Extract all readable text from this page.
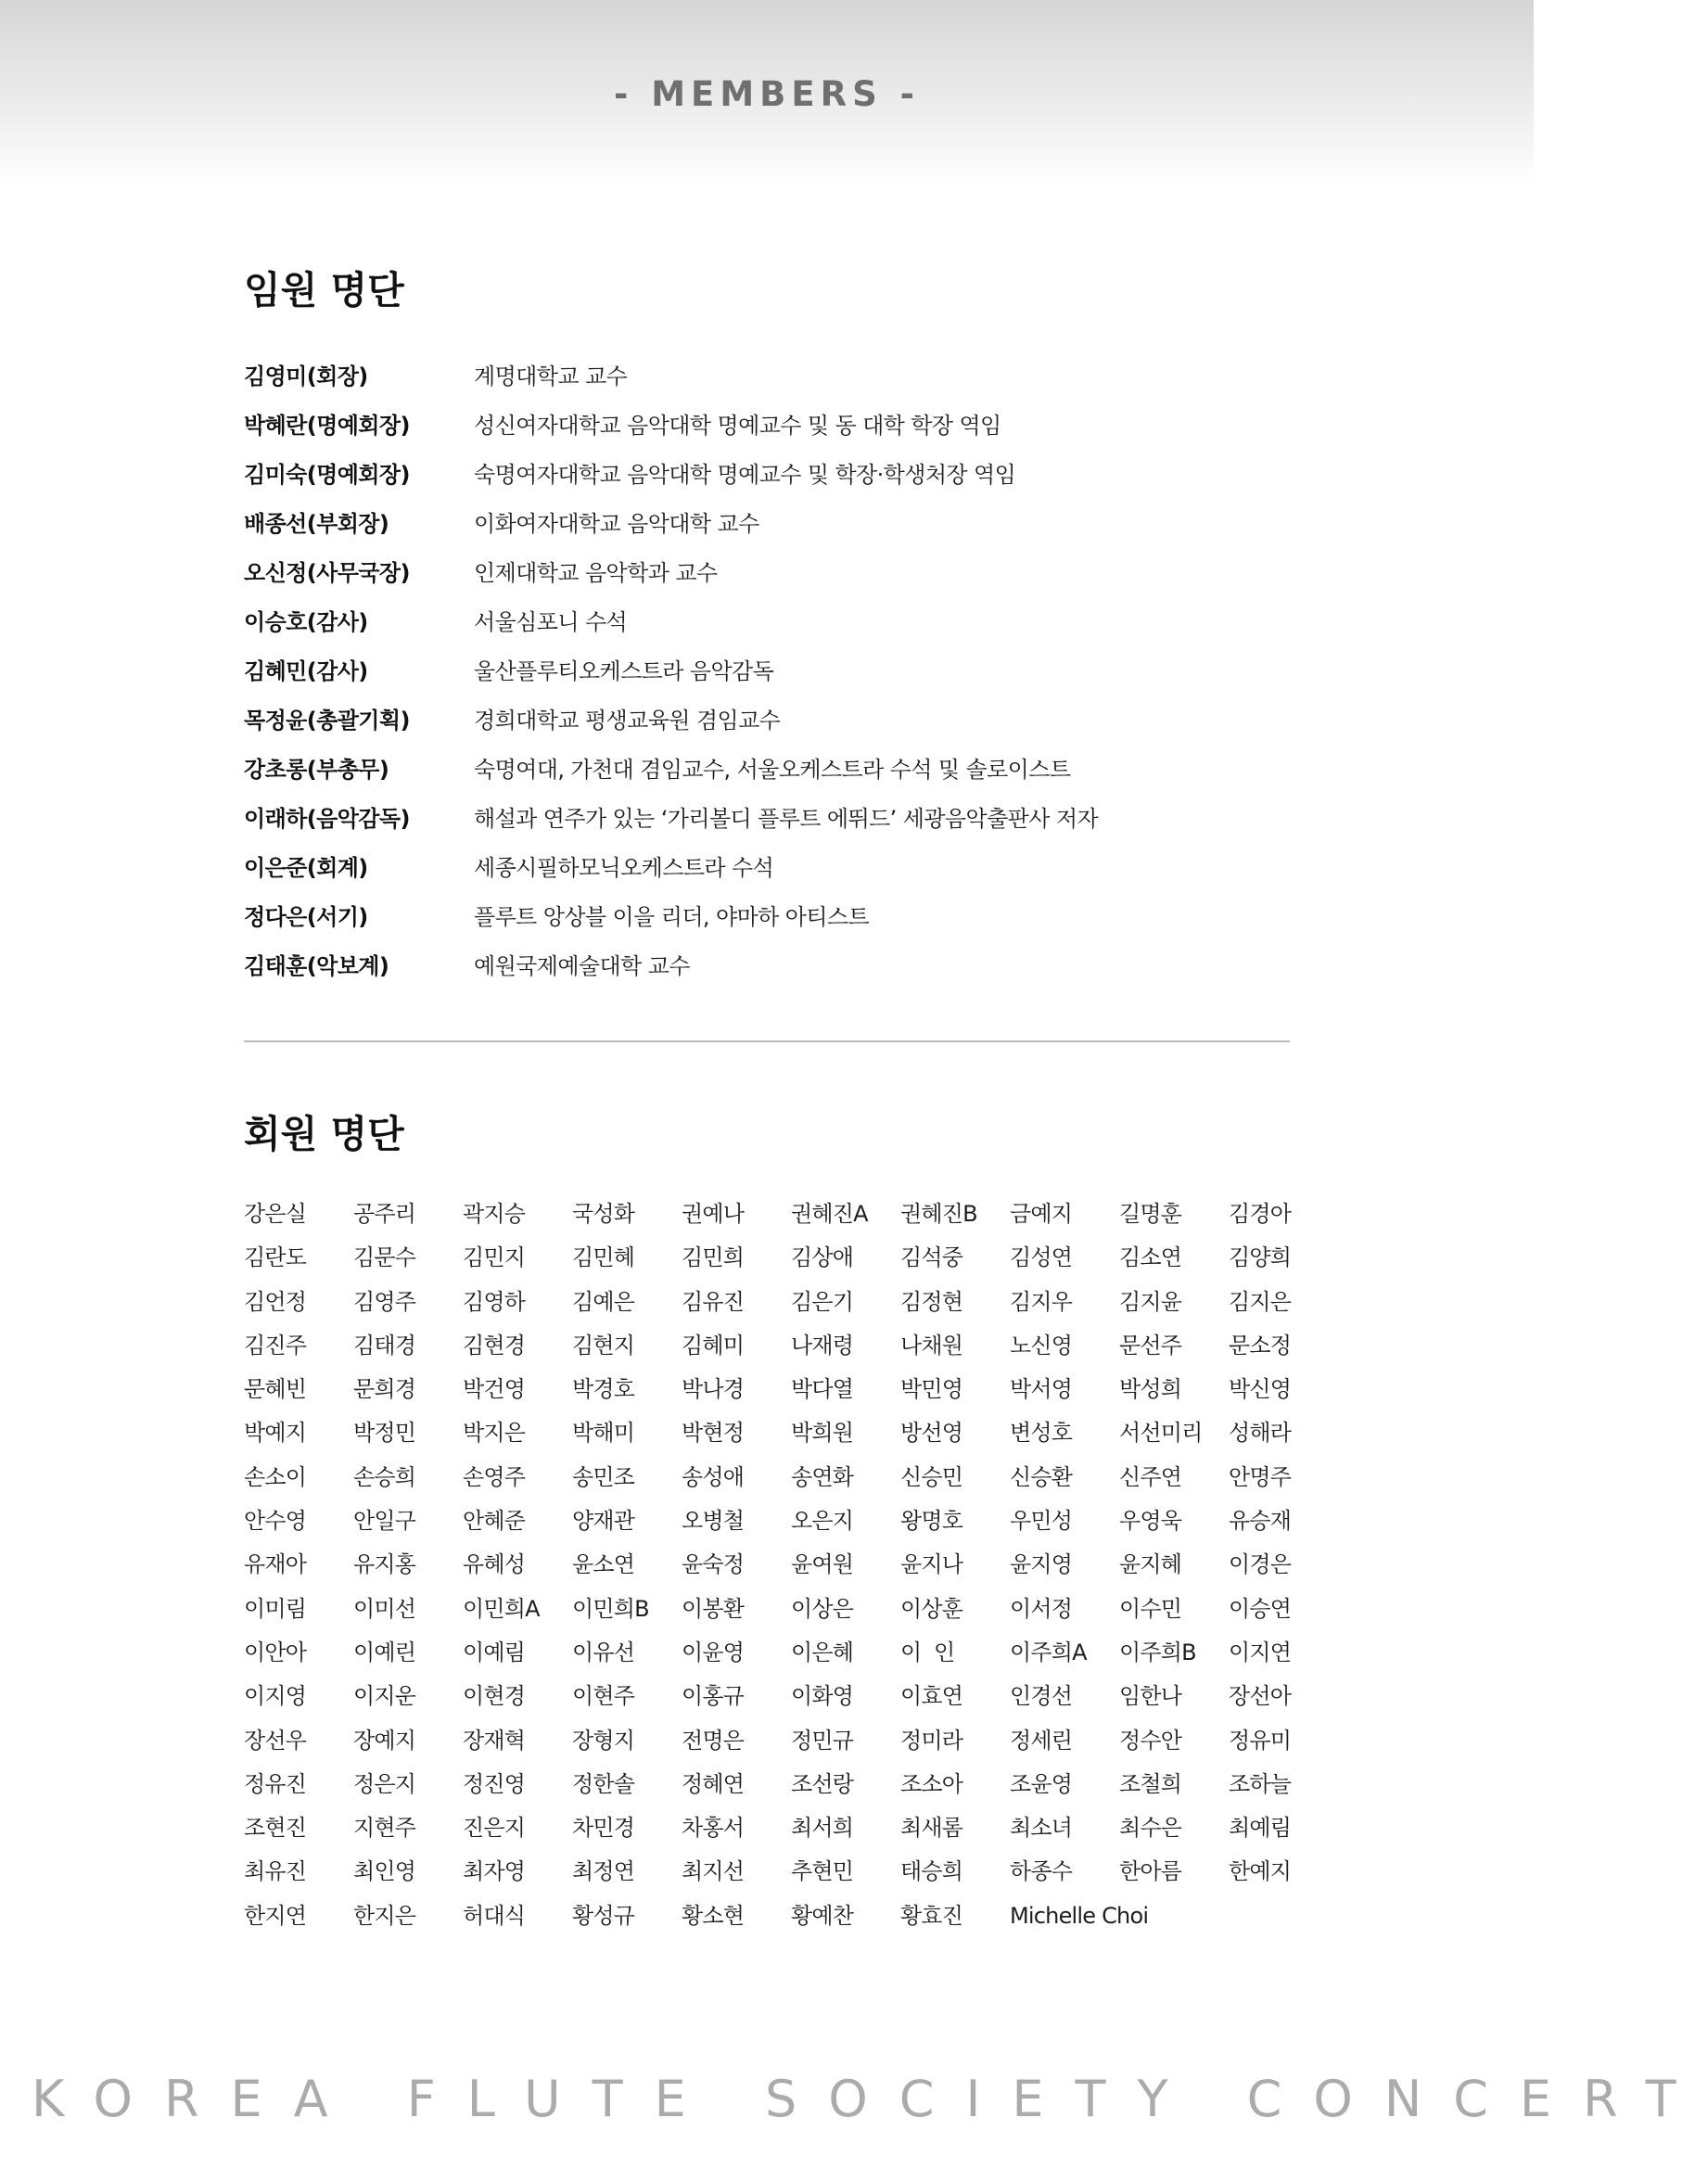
- MEMBERS -
임원 명단
김영미(회장)	계명대학교 교수
박혜란(명예회장)	성신여자대학교 음악대학 명예교수 및 동 대학 학장 역임
김미숙(명예회장)	숙명여자대학교 음악대학 명예교수 및 학장·학생처장 역임
배종선(부회장)	이화여자대학교 음악대학 교수
오신정(사무국장)	인제대학교 음악학과 교수
이승호(감사)	서울심포니 수석
김혜민(감사)	울산플루티오케스트라 음악감독
목정윤(총괄기획)	경희대학교 평생교육원 겸임교수
강초롱(부총무)	숙명여대, 가천대 겸임교수, 서울오케스트라 수석 및 솔로이스트
이래하(음악감독)	해설과 연주가 있는 ‘가리볼디 플루트 에뛰드’ 세광음악출판사 저자
이은준(회계)	세종시필하모닉오케스트라 수석
정다은(서기)	플루트 앙상블 이을 리더, 야마하 아티스트
김태훈(악보계)	예원국제예술대학 교수
회원 명단
강은실	공주리	곽지승	국성화	권예나	권혜진A	권혜진B	금예지	길명훈	김경아
김란도	김문수	김민지	김민혜	김민희	김상애	김석중	김성연	김소연	김양희
김언정	김영주	김영하	김예은	김유진	김은기	김정현	김지우	김지윤	김지은
김진주	김태경	김현경	김현지	김혜미	나재령	나채원	노신영	문선주	문소정
문혜빈	문희경	박건영	박경호	박나경	박다열	박민영	박서영	박성희	박신영
박예지	박정민	박지은	박해미	박현정	박희원	방선영	변성호	서선미리	성해라
손소이	손승희	손영주	송민조	송성애	송연화	신승민	신승환	신주연	안명주
안수영	안일구	안혜준	양재관	오병철	오은지	왕명호	우민성	우영욱	유승재
유재아	유지홍	유혜성	윤소연	윤숙정	윤여원	윤지나	윤지영	윤지혜	이경은
이미림	이미선	이민희A	이민희B	이봉환	이상은	이상훈	이서정	이수민	이승연
이안아	이예린	이예림	이유선	이윤영	이은혜	이  인	이주희A	이주희B	이지연
이지영	이지운	이현경	이현주	이홍규	이화영	이효연	인경선	임한나	장선아
장선우	장예지	장재혁	장형지	전명은	정민규	정미라	정세린	정수안	정유미
정유진	정은지	정진영	정한솔	정혜연	조선랑	조소아	조윤영	조철희	조하늘
조현진	지현주	진은지	차민경	차홍서	최서희	최새롬	최소녀	최수은	최예림
최유진	최인영	최자영	최정연	최지선	추현민	태승희	하종수	한아름	한예지
한지연	한지은	허대식	황성규	황소현	황예찬	황효진	Michelle Choi
KOREA FLUTE SOCIETY CONCERT
